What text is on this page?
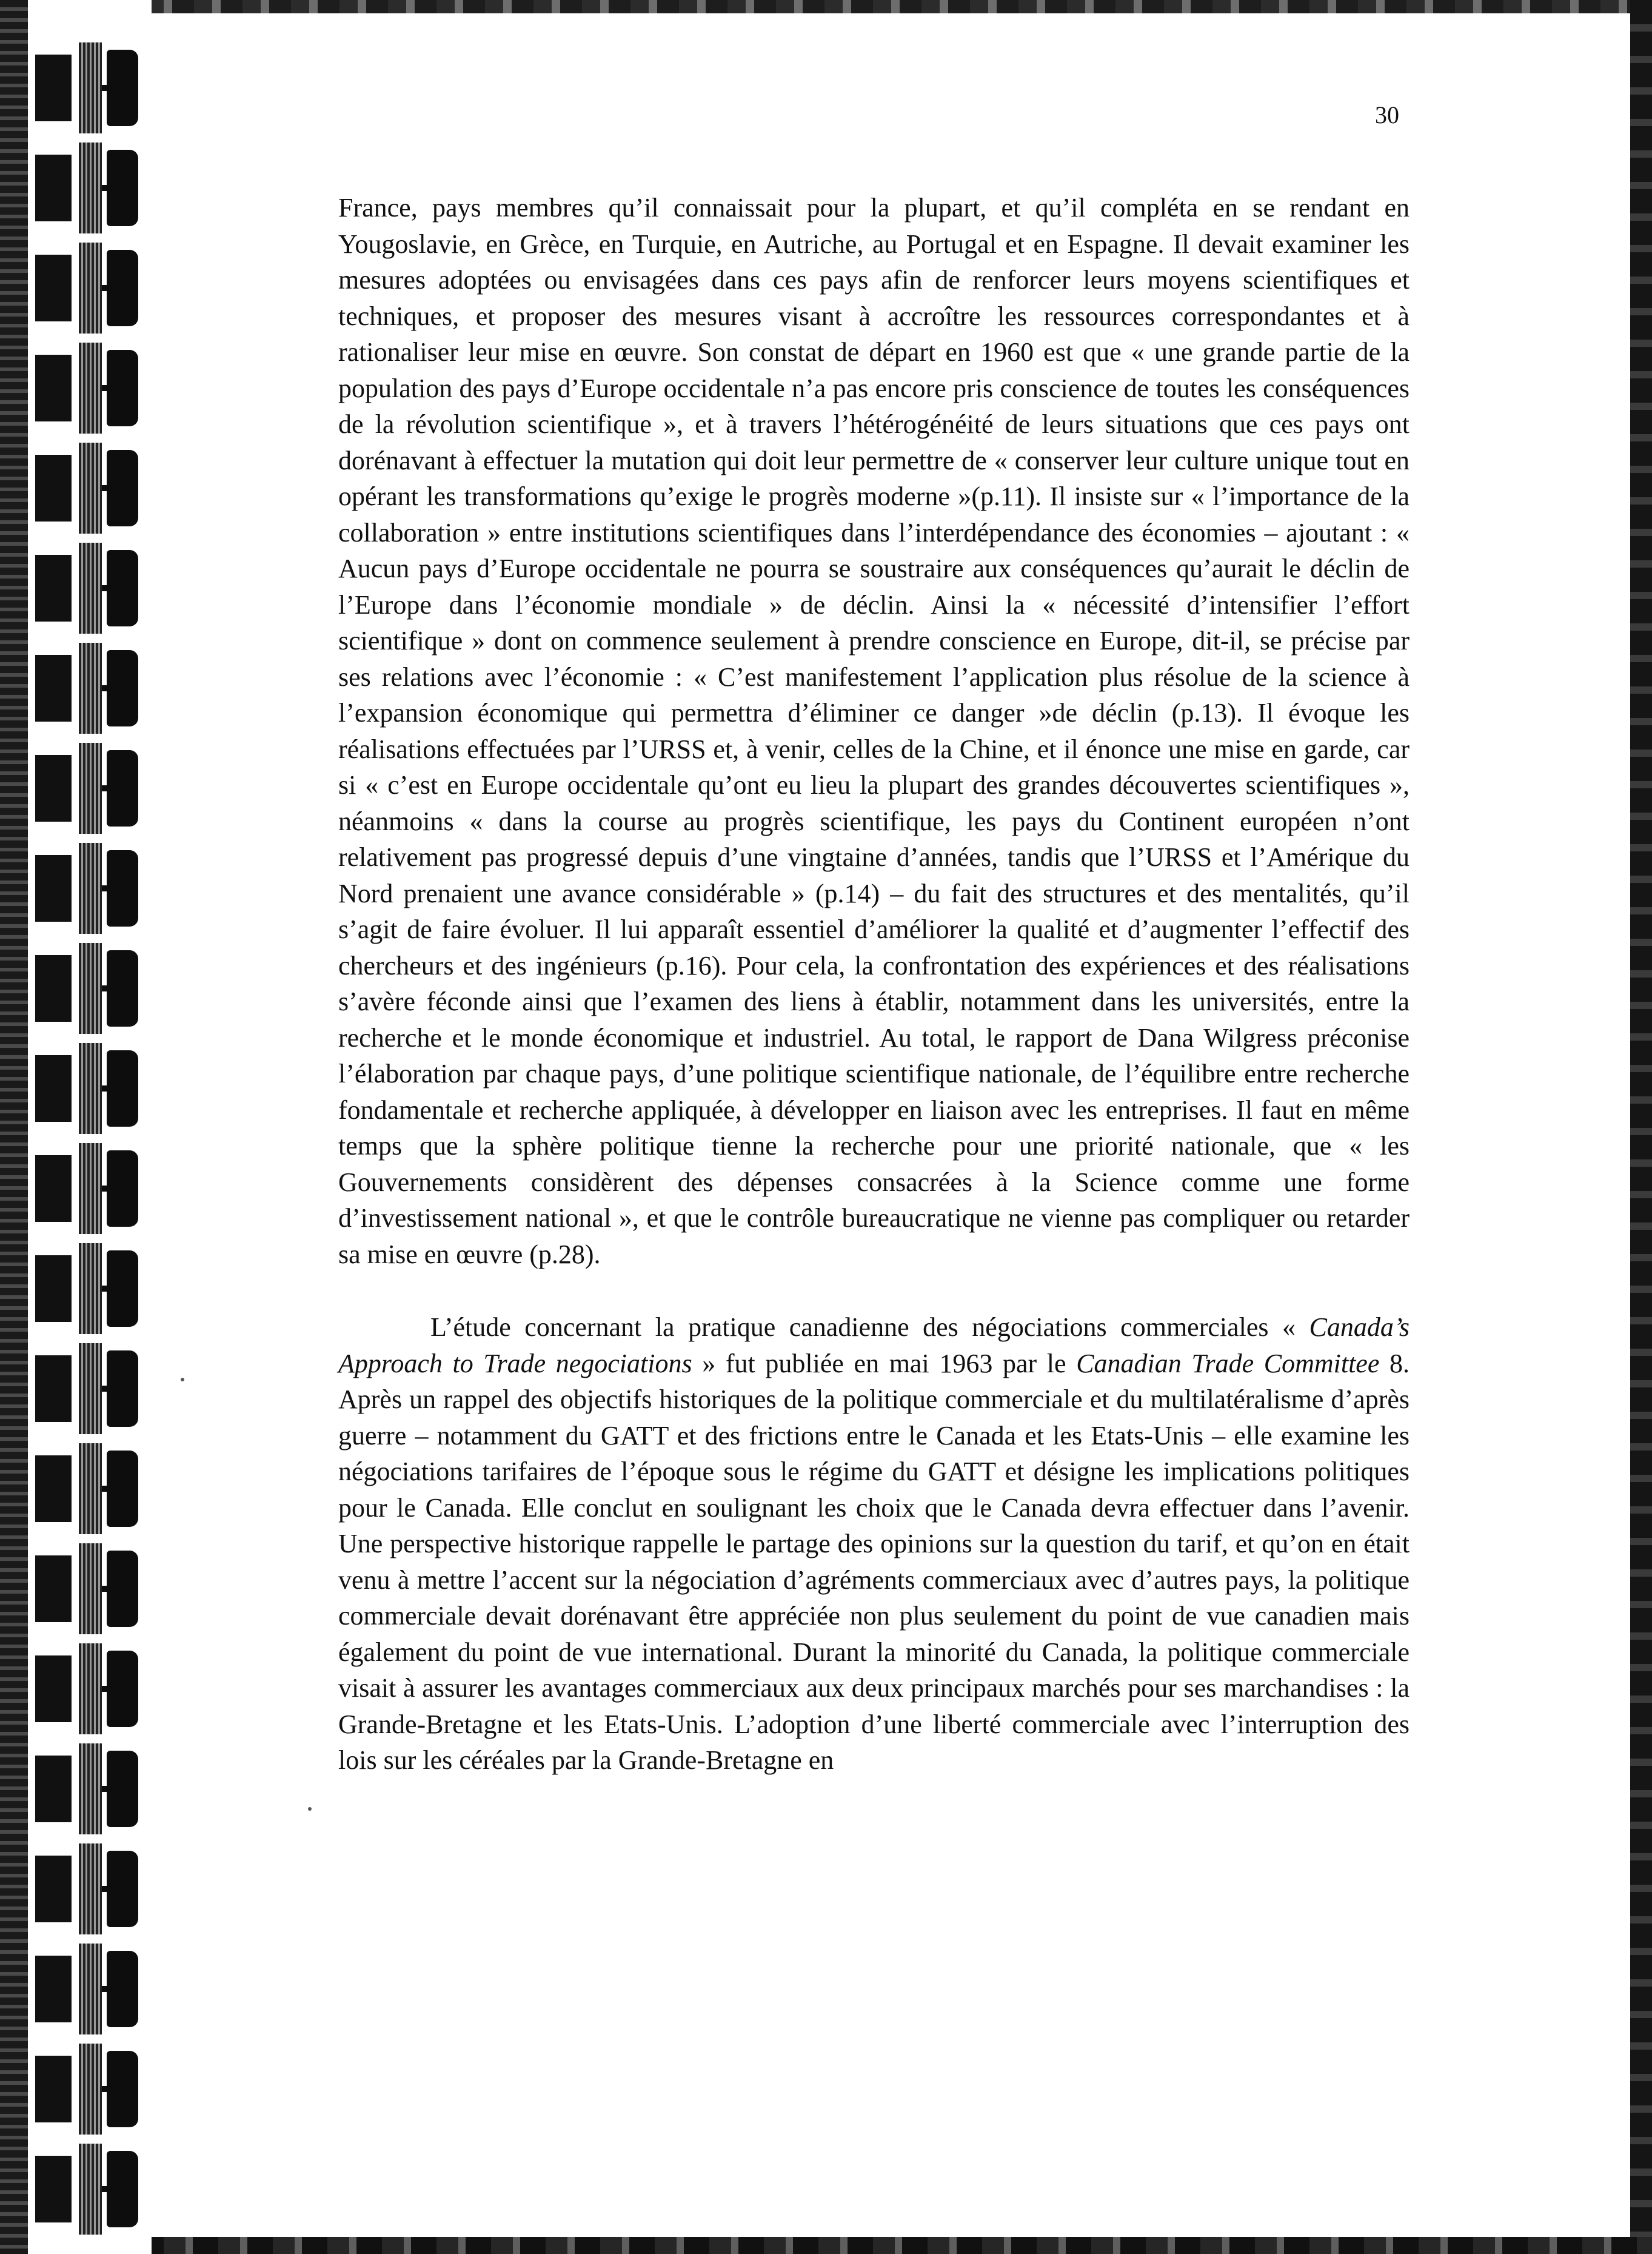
30

France, pays membres qu’il connaissait pour la plupart, et qu’il compléta en se rendant en Yougoslavie, en Grèce, en Turquie, en Autriche, au Portugal et en Espagne. Il devait examiner les mesures adoptées ou envisagées dans ces pays afin de renforcer leurs moyens scientifiques et techniques, et proposer des mesures visant à accroître les ressources correspondantes et à rationaliser leur mise en œuvre. Son constat de départ en 1960 est que « une grande partie de la population des pays d’Europe occidentale n’a pas encore pris conscience de toutes les conséquences de la révolution scientifique », et à travers l’hétérogénéité de leurs situations que ces pays ont dorénavant à effectuer la mutation qui doit leur permettre de « conserver leur culture unique tout en opérant les transformations qu’exige le progrès moderne »(p.11). Il insiste sur « l’importance de la collaboration » entre institutions scientifiques dans l’interdépendance des économies – ajoutant : « Aucun pays d’Europe occidentale ne pourra se soustraire aux conséquences qu’aurait le déclin de l’Europe dans l’économie mondiale » de déclin. Ainsi la « nécessité d’intensifier l’effort scientifique » dont on commence seulement à prendre conscience en Europe, dit-il, se précise par ses relations avec l’économie : « C’est manifestement l’application plus résolue de la science à l’expansion économique qui permettra d’éliminer ce danger »de déclin (p.13). Il évoque les réalisations effectuées par l’URSS et, à venir, celles de la Chine, et il énonce une mise en garde, car si « c’est en Europe occidentale qu’ont eu lieu la plupart des grandes découvertes scientifiques », néanmoins « dans la course au progrès scientifique, les pays du Continent européen n’ont relativement pas progressé depuis d’une vingtaine d’années, tandis que l’URSS et l’Amérique du Nord prenaient une avance considérable » (p.14) – du fait des structures et des mentalités, qu’il s’agit de faire évoluer. Il lui apparaît essentiel d’améliorer la qualité et d’augmenter l’effectif des chercheurs et des ingénieurs (p.16). Pour cela, la confrontation des expériences et des réalisations s’avère féconde ainsi que l’examen des liens à établir, notamment dans les universités, entre la recherche et le monde économique et industriel. Au total, le rapport de Dana Wilgress préconise l’élaboration par chaque pays, d’une politique scientifique nationale, de l’équilibre entre recherche fondamentale et recherche appliquée, à développer en liaison avec les entreprises. Il faut en même temps que la sphère politique tienne la recherche pour une priorité nationale, que « les Gouvernements considèrent des dépenses consacrées à la Science comme une forme d’investissement national », et que le contrôle bureaucratique ne vienne pas compliquer ou retarder sa mise en œuvre (p.28).

L’étude concernant la pratique canadienne des négociations commerciales « Canada’s Approach to Trade negociations » fut publiée en mai 1963 par le Canadian Trade Committee 8. Après un rappel des objectifs historiques de la politique commerciale et du multilatéralisme d’après guerre – notamment du GATT et des frictions entre le Canada et les Etats-Unis – elle examine les négociations tarifaires de l’époque sous le régime du GATT et désigne les implications politiques pour le Canada. Elle conclut en soulignant les choix que le Canada devra effectuer dans l’avenir. Une perspective historique rappelle le partage des opinions sur la question du tarif, et qu’on en était venu à mettre l’accent sur la négociation d’agréments commerciaux avec d’autres pays, la politique commerciale devait dorénavant être appréciée non plus seulement du point de vue canadien mais également du point de vue international. Durant la minorité du Canada, la politique commerciale visait à assurer les avantages commerciaux aux deux principaux marchés pour ses marchandises : la Grande-Bretagne et les Etats-Unis. L’adoption d’une liberté commerciale avec l’interruption des lois sur les céréales par la Grande-Bretagne en
